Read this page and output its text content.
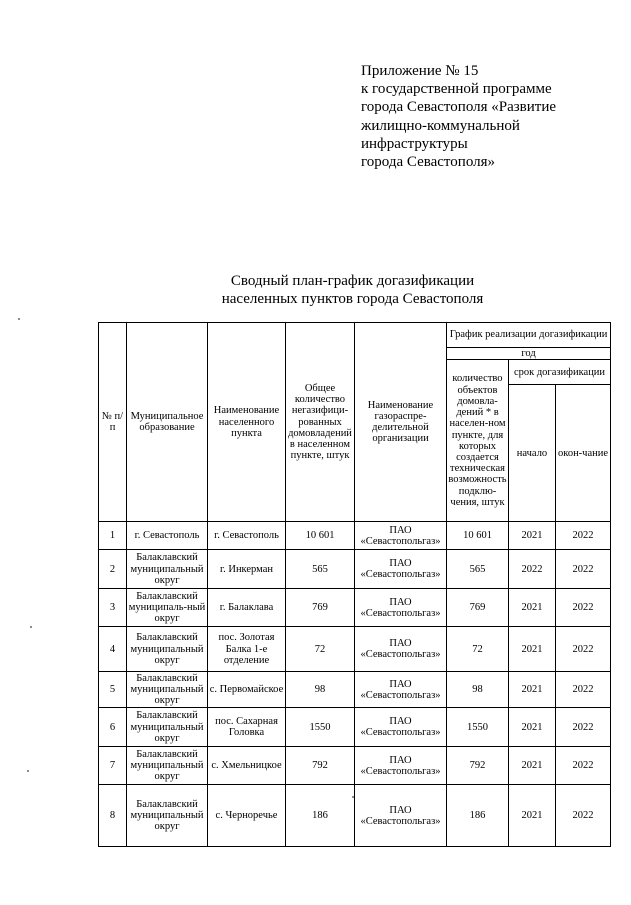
Приложение № 15
к государственной программе
города Севастополя «Развитие
жилищно-коммунальной
инфраструктуры
города Севастополя»
Сводный план-график догазификации
населенных пунктов города Севастополя
№ п/п	Муниципальное образование	Наименование населенного пункта	Общее количество негазифици-рованных домовладений в населенном пункте, штук	Наименование газораспре-делительной организации	График реализации догазификации		
					год		
					количество объектов домовла-дений * в населен-ном пункте, для которых создается техническая возможность подклю-чения, штук	срок догазификации	
						начало	окон-чание
1	г. Севастополь	г. Севастополь	10 601	ПАО «Севастопольгаз»	10 601	2021	2022
2	Балаклавский муниципальный округ	г. Инкерман	565	ПАО «Севастопольгаз»	565	2022	2022
3	Балаклавский муниципаль-ный округ	г. Балаклава	769	ПАО «Севастопольгаз»	769	2021	2022
4	Балаклавский муниципальный округ	пос. Золотая Балка 1-е отделение	72	ПАО «Севастопольгаз»	72	2021	2022
5	Балаклавский муниципальный округ	с. Первомайское	98	ПАО «Севастопольгаз»	98	2021	2022
6	Балаклавский муниципальный округ	пос. Сахарная Головка	1550	ПАО «Севастопольгаз»	1550	2021	2022
7	Балаклавский муниципальный округ	с. Хмельницкое	792	ПАО «Севастопольгаз»	792	2021	2022
8	Балаклавский муниципальный округ	с. Черноречье	186	ПАО «Севастопольгаз»	186	2021	2022
